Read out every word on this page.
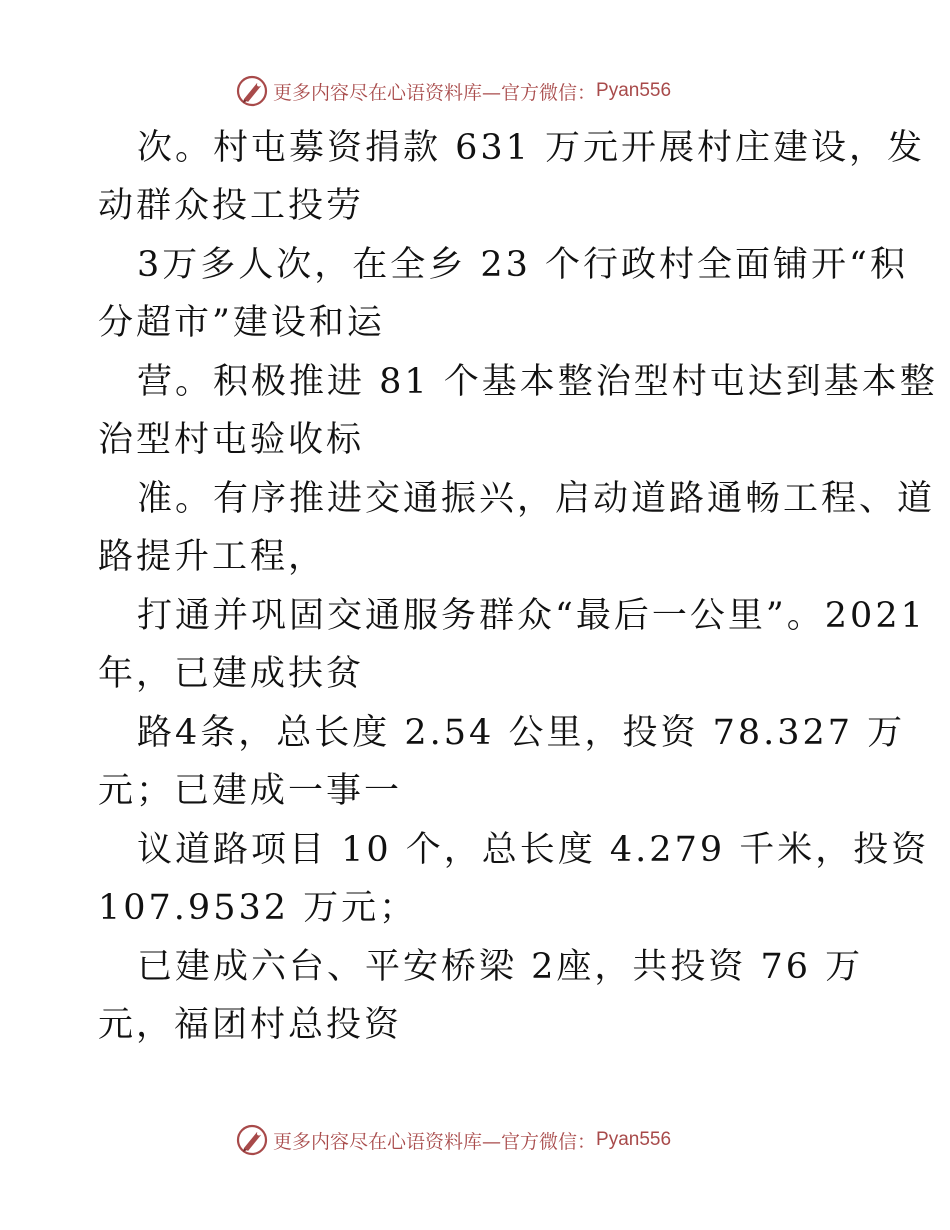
更多内容尽在心语资料库—官方微信： Pyan556
次。村屯募资捐款 631 万元开展村庄建设，发
动群众投工投劳
3万多人次，在全乡 23 个行政村全面铺开“积
分超市”建设和运
营。积极推进 81 个基本整治型村屯达到基本整
治型村屯验收标
准。有序推进交通振兴，启动道路通畅工程、道
路提升工程，
打通并巩固交通服务群众“最后一公里”。2021
年，已建成扶贫
路4条，总长度 2.54 公里，投资 78.327 万
元；已建成一事一
议道路项目 10 个，总长度 4.279 千米，投资
107.9532 万元；
已建成六台、平安桥梁 2座，共投资 76 万
元，福团村总投资
更多内容尽在心语资料库—官方微信： Pyan556
